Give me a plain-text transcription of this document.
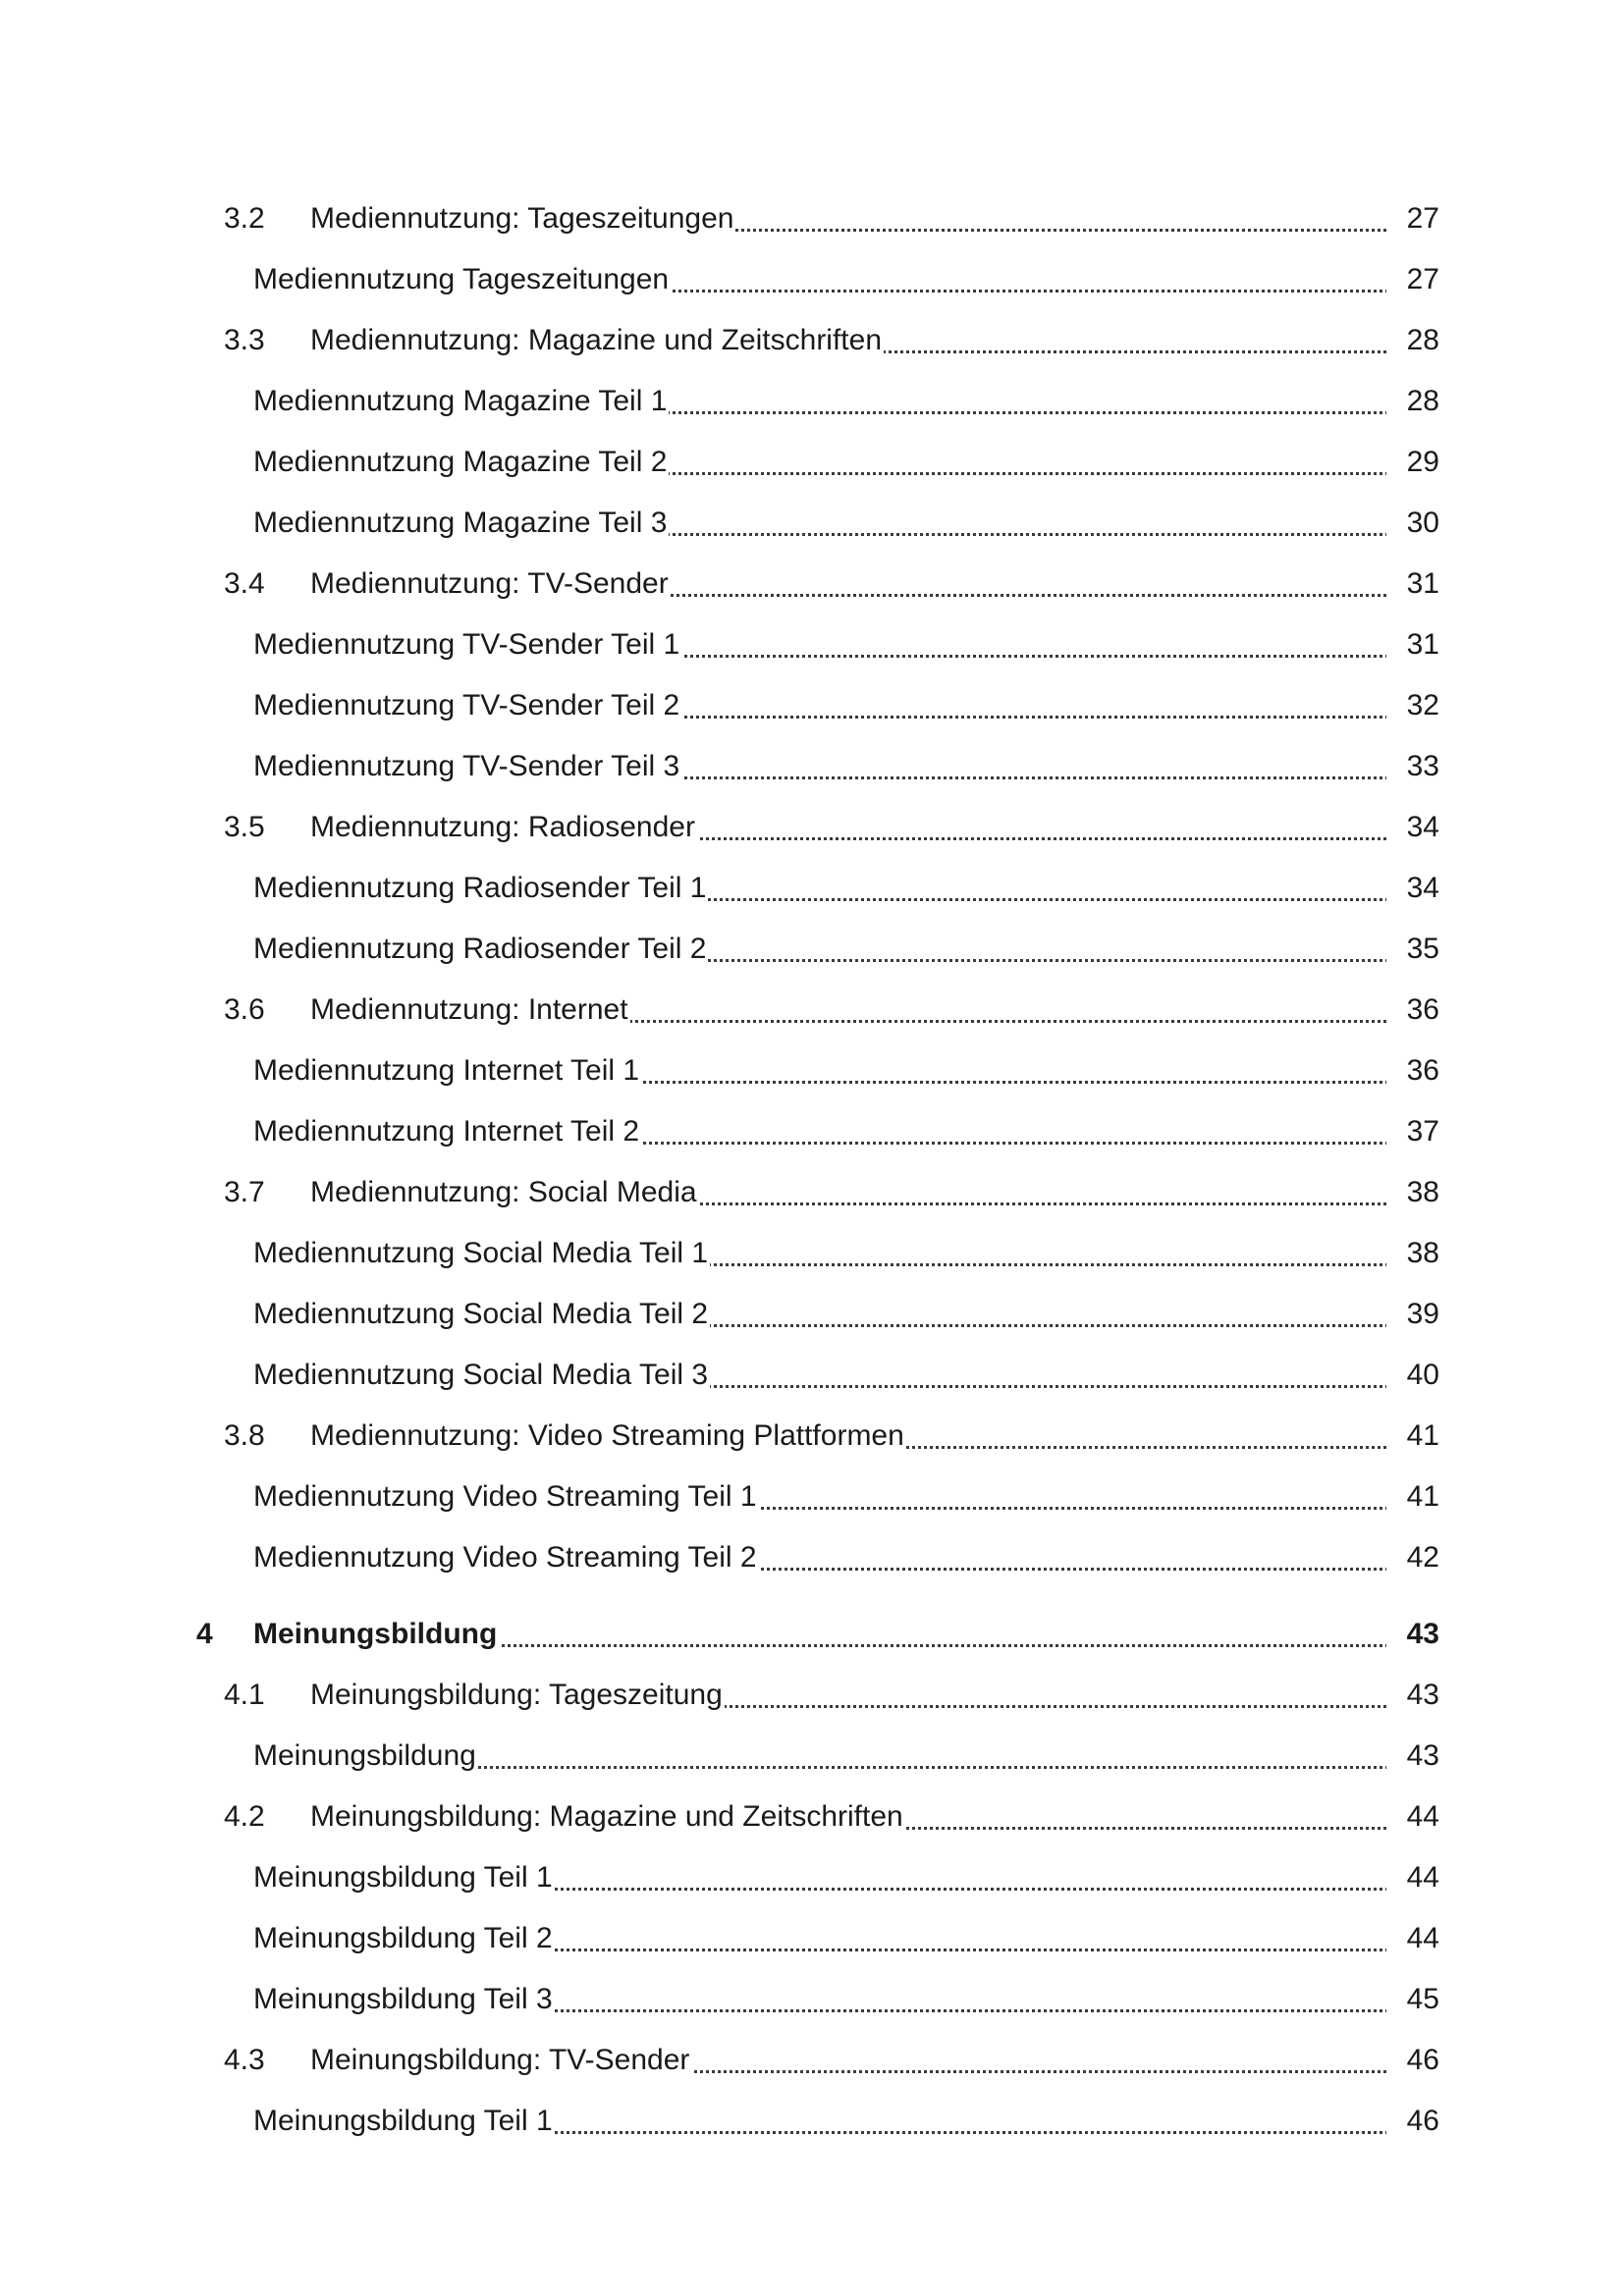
3.2 Mediennutzung: Tageszeitungen	27
Mediennutzung Tageszeitungen	27
3.3 Mediennutzung: Magazine und Zeitschriften	28
Mediennutzung Magazine Teil 1	28
Mediennutzung Magazine Teil 2	29
Mediennutzung Magazine Teil 3	30
3.4 Mediennutzung: TV-Sender	31
Mediennutzung TV-Sender Teil 1	31
Mediennutzung TV-Sender Teil 2	32
Mediennutzung TV-Sender Teil 3	33
3.5 Mediennutzung: Radiosender	34
Mediennutzung Radiosender Teil 1	34
Mediennutzung Radiosender Teil 2	35
3.6 Mediennutzung: Internet	36
Mediennutzung Internet Teil 1	36
Mediennutzung Internet Teil 2	37
3.7 Mediennutzung: Social Media	38
Mediennutzung Social Media Teil 1	38
Mediennutzung Social Media Teil 2	39
Mediennutzung Social Media Teil 3	40
3.8 Mediennutzung: Video Streaming Plattformen	41
Mediennutzung Video Streaming Teil 1	41
Mediennutzung Video Streaming Teil 2	42
4 Meinungsbildung	43
4.1 Meinungsbildung: Tageszeitung	43
Meinungsbildung	43
4.2 Meinungsbildung: Magazine und Zeitschriften	44
Meinungsbildung Teil 1	44
Meinungsbildung Teil 2	44
Meinungsbildung Teil 3	45
4.3 Meinungsbildung: TV-Sender	46
Meinungsbildung Teil 1	46
